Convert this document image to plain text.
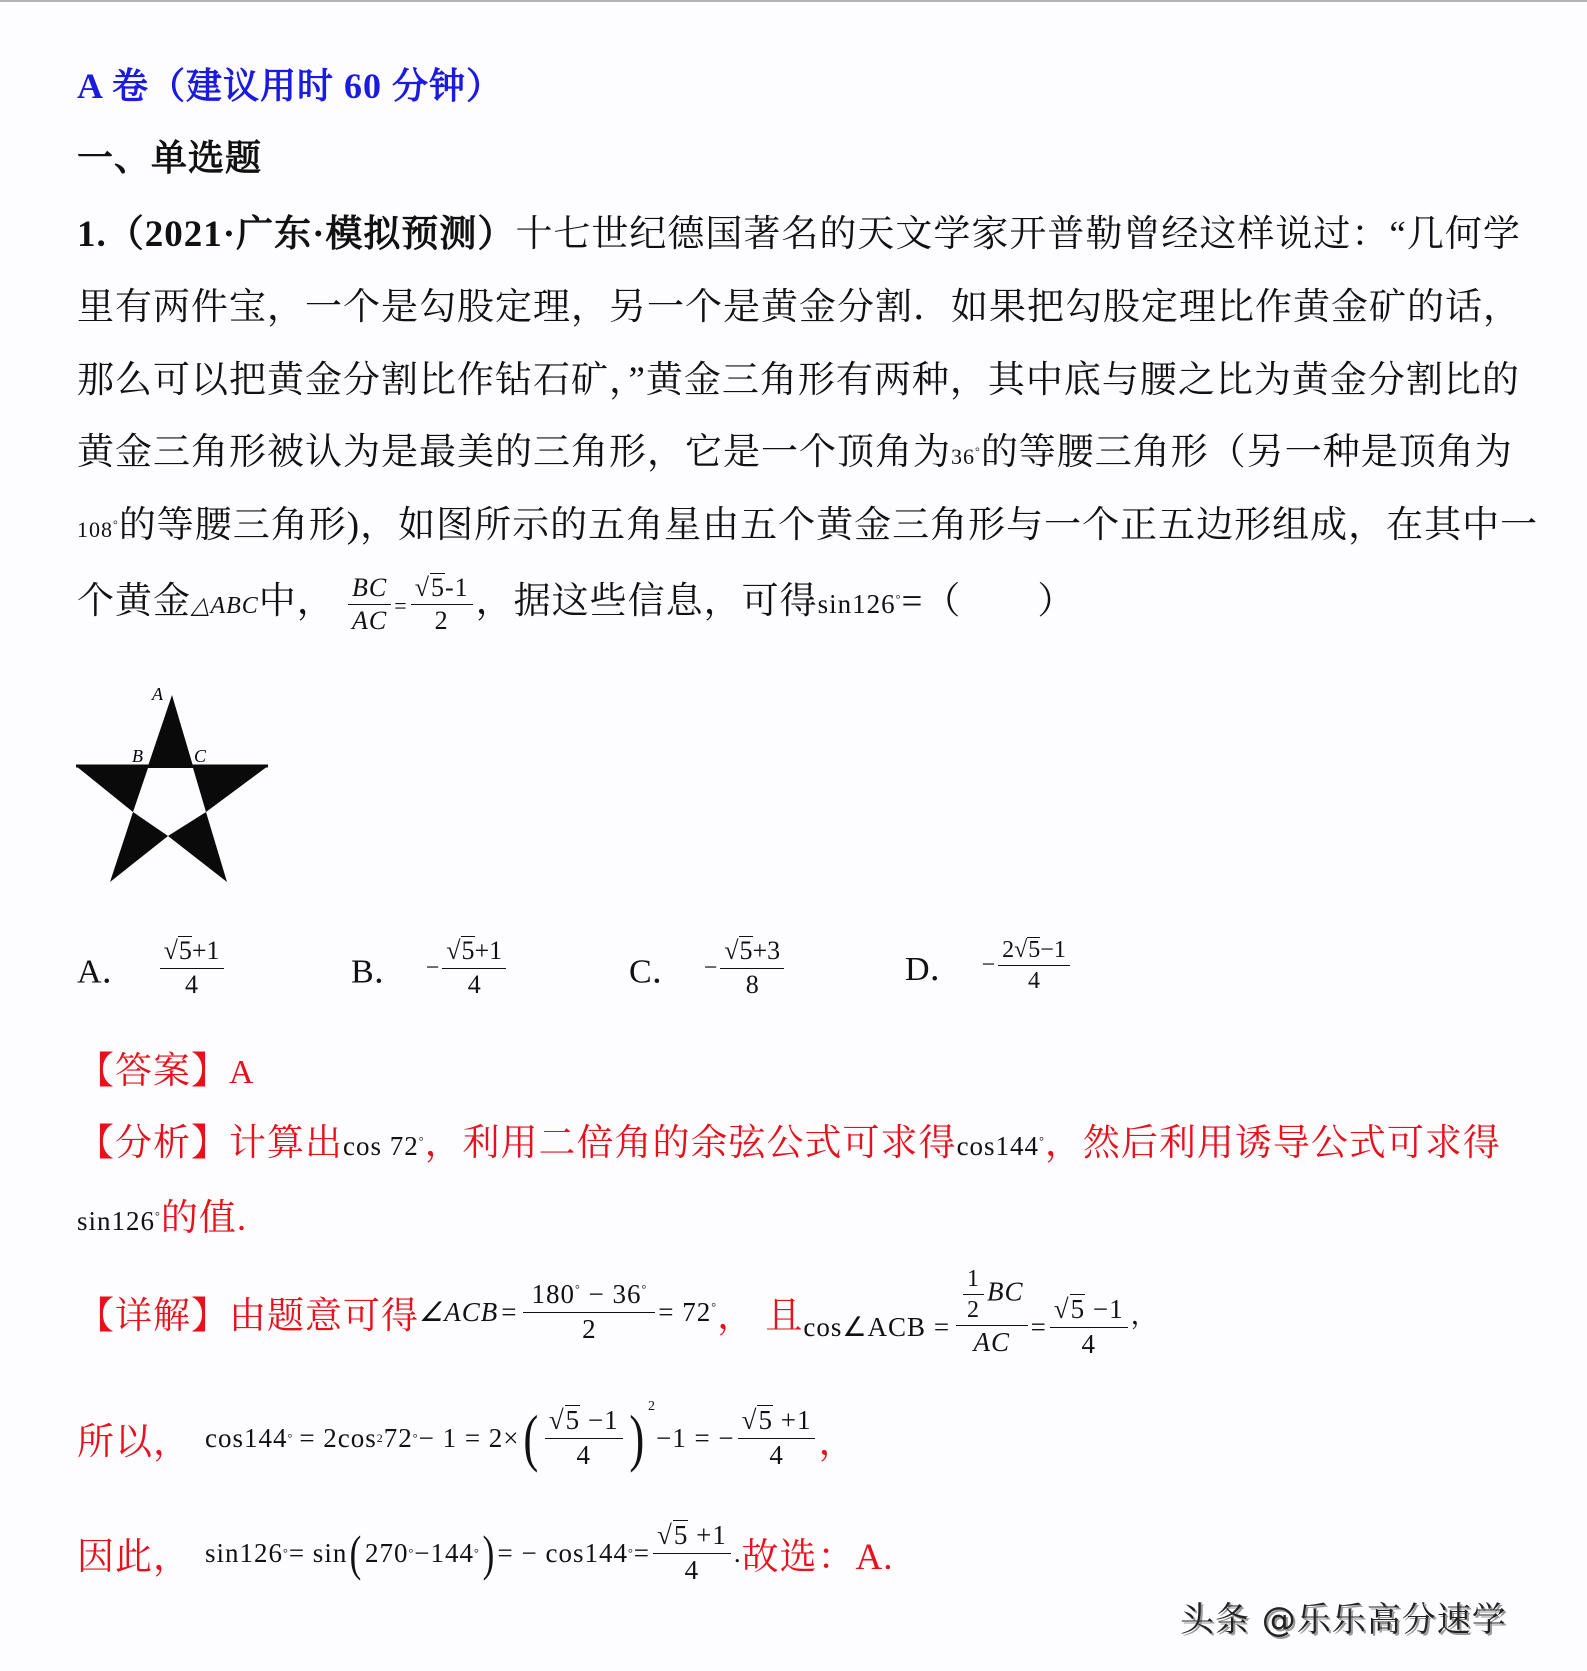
A 卷（建议用时 60 分钟）
一、单选题
1.（2021·广东·模拟预测）十七世纪德国著名的天文学家开普勒曾经这样说过：“几何学
里有两件宝，一个是勾股定理，另一个是黄金分割．如果把勾股定理比作黄金矿的话，
那么可以把黄金分割比作钻石矿，”黄金三角形有两种，其中底与腰之比为黄金分割比的
黄金三角形被认为是最美的三角形，它是一个顶角为36°的等腰三角形（另一种是顶角为
108°的等腰三角形)，如图所示的五角星由五个黄金三角形与一个正五边形组成，在其中一
个黄金△ABC中， $\frac{BC}{AC} = \frac{√5-1}{2}$ ，据这些信息，可得sin126°=（　　）
A
B	C
A． $\frac{√5+1}{4}$	B． − $\frac{√5+1}{4}$	C． − $\frac{√5+3}{8}$	D． − $\frac{2√5-1}{4}$
【答案】A
【分析】计算出cos 72°，利用二倍角的余弦公式可求得cos144°，然后利用诱导公式可求得
sin126°的值.
【详解】 由题意可得 ∠ACB = $\frac{180^\circ - 36^\circ}{2} = 72^\circ$ ， 且 cos∠ACB = $\frac{\frac{1}{2} BC}{AC} = \frac{√5 -1}{4}$ ，
所以， cos144 ° = 2cos 2 72 ° − 1 = 2× ( $\frac{√5 -1}{4}$ ) 2
−1 = − $\frac{√5 +1}{4}$ ，
因此， sin126 ° = sin ( 270 ° −144 ° ) = − cos144 ° = $\frac{√5 +1}{4}$ . 故选：A.
头条 @乐乐高分速学
